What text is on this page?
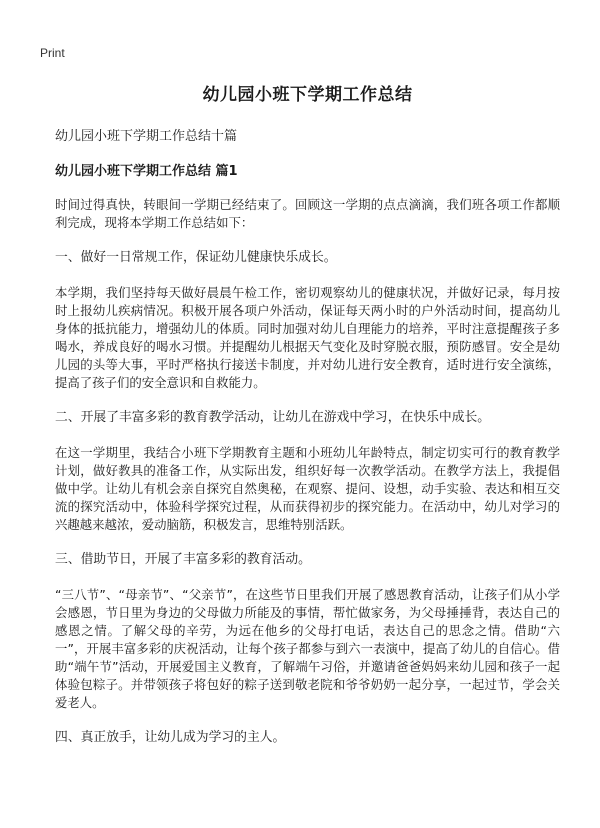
Print
幼儿园小班下学期工作总结
幼儿园小班下学期工作总结十篇
幼儿园小班下学期工作总结 篇1
时间过得真快，转眼间一学期已经结束了。回顾这一学期的点点滴滴，我们班各项工作都顺利完成，现将本学期工作总结如下：
一、做好一日常规工作，保证幼儿健康快乐成长。
本学期，我们坚持每天做好晨晨午检工作，密切观察幼儿的健康状况，并做好记录，每月按时上报幼儿疾病情况。积极开展各项户外活动，保证每天两小时的户外活动时间，提高幼儿身体的抵抗能力，增强幼儿的体质。同时加强对幼儿自理能力的培养，平时注意提醒孩子多喝水，养成良好的喝水习惯。并提醒幼儿根据天气变化及时穿脱衣服，预防感冒。安全是幼儿园的头等大事，平时严格执行接送卡制度，并对幼儿进行安全教育，适时进行安全演练，提高了孩子们的安全意识和自救能力。
二、开展了丰富多彩的教育教学活动，让幼儿在游戏中学习，在快乐中成长。
在这一学期里，我结合小班下学期教育主题和小班幼儿年龄特点，制定切实可行的教育教学计划，做好教具的准备工作，从实际出发，组织好每一次教学活动。在教学方法上，我提倡做中学。让幼儿有机会亲自探究自然奥秘，在观察、提问、设想，动手实验、表达和相互交流的探究活动中，体验科学探究过程，从而获得初步的探究能力。在活动中，幼儿对学习的兴趣越来越浓，爱动脑筋，积极发言，思维特别活跃。
三、借助节日，开展了丰富多彩的教育活动。
“三八节”、“母亲节”、“父亲节”，在这些节日里我们开展了感恩教育活动，让孩子们从小学会感恩，节日里为身边的父母做力所能及的事情，帮忙做家务，为父母捶捶背，表达自己的感恩之情。了解父母的辛劳，为远在他乡的父母打电话，表达自己的思念之情。借助“六一”，开展丰富多彩的庆祝活动，让每个孩子都参与到六一表演中，提高了幼儿的自信心。借助“端午节”活动，开展爱国主义教育，了解端午习俗，并邀请爸爸妈妈来幼儿园和孩子一起体验包粽子。并带领孩子将包好的粽子送到敬老院和爷爷奶奶一起分享，一起过节，学会关爱老人。
四、真正放手，让幼儿成为学习的主人。
